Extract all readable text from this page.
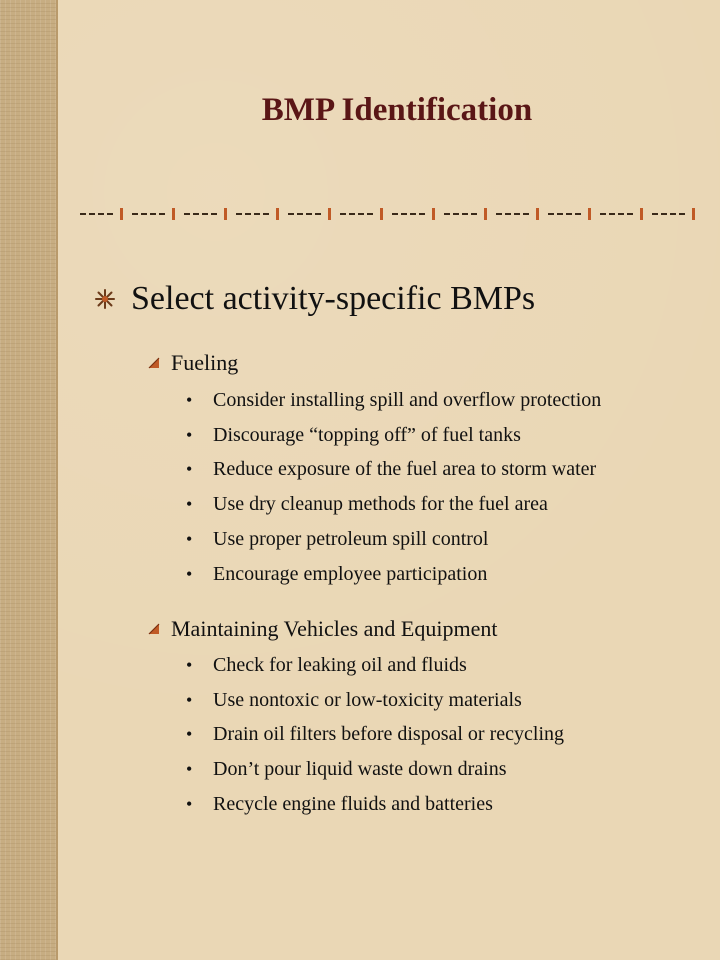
BMP Identification
Select activity-specific BMPs
Fueling
•	Consider installing spill and overflow protection
•	Discourage “topping off” of fuel tanks
•	Reduce exposure of the fuel area to storm water
•	Use dry cleanup methods for the fuel area
•	Use proper petroleum spill control
•	Encourage employee participation
Maintaining Vehicles and Equipment
•	Check for leaking oil and fluids
•	Use nontoxic or low-toxicity materials
•	Drain oil filters before disposal or recycling
•	Don’t pour liquid waste down drains
•	Recycle engine fluids and batteries
